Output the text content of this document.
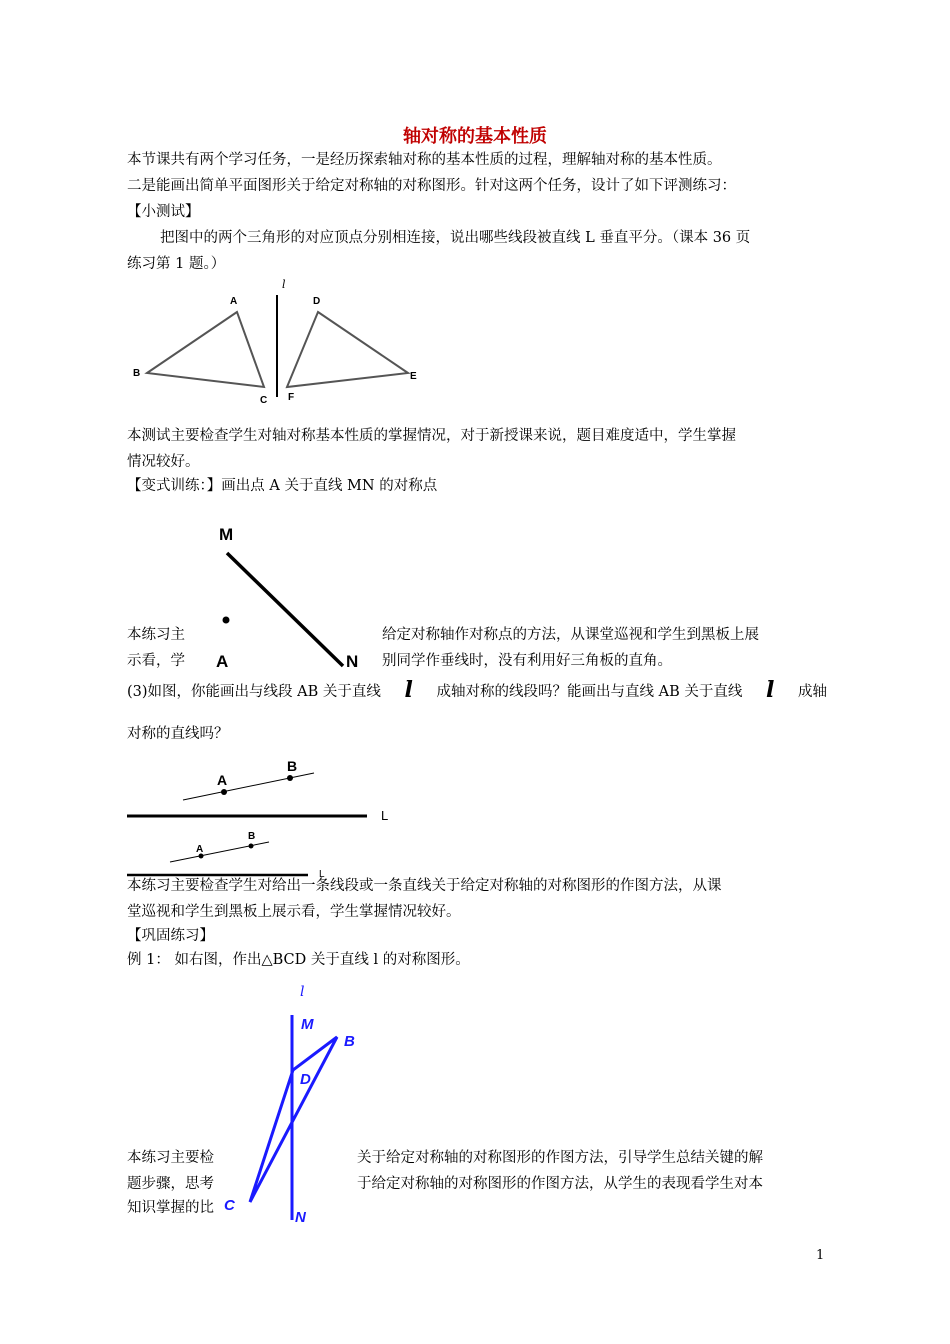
轴对称的基本性质
本节课共有两个学习任务，一是经历探索轴对称的基本性质的过程，理解轴对称的基本性质。
二是能画出简单平面图形关于给定对称轴的对称图形。针对这两个任务，设计了如下评测练习：
【小测试】
把图中的两个三角形的对应顶点分别相连接，说出哪些线段被直线 L 垂直平分。（课本 36 页
练习第 1 题。）
A
B
C
D
E
F
l
本测试主要检查学生对轴对称基本性质的掌握情况，对于新授课来说，题目难度适中，学生掌握
情况较好。
【变式训练：】画出点 A 关于直线 MN 的对称点
本练习主	给定对称轴作对称点的方法，从课堂巡视和学生到黑板上展
示看，学	别同学作垂线时，没有利用好三角板的直角。
M
N
A
(3)如图，你能画出与线段 AB 关于直线 l 成轴对称的线段吗？能画出与直线 AB 关于直线 l 成轴
对称的直线吗？
A
B
L
A
B
L
本练习主要检查学生对给出一条线段或一条直线关于给定对称轴的对称图形的作图方法，从课
堂巡视和学生到黑板上展示看，学生掌握情况较好。
【巩固练习】
例 1： 如右图，作出△BCD 关于直线 l 的对称图形。
本练习主要检	关于给定对称轴的对称图形的作图方法，引导学生总结关键的解
题步骤，思考	于给定对称轴的对称图形的作图方法，从学生的表现看学生对本
知识掌握的比
M
B
D
C
N
l
1
